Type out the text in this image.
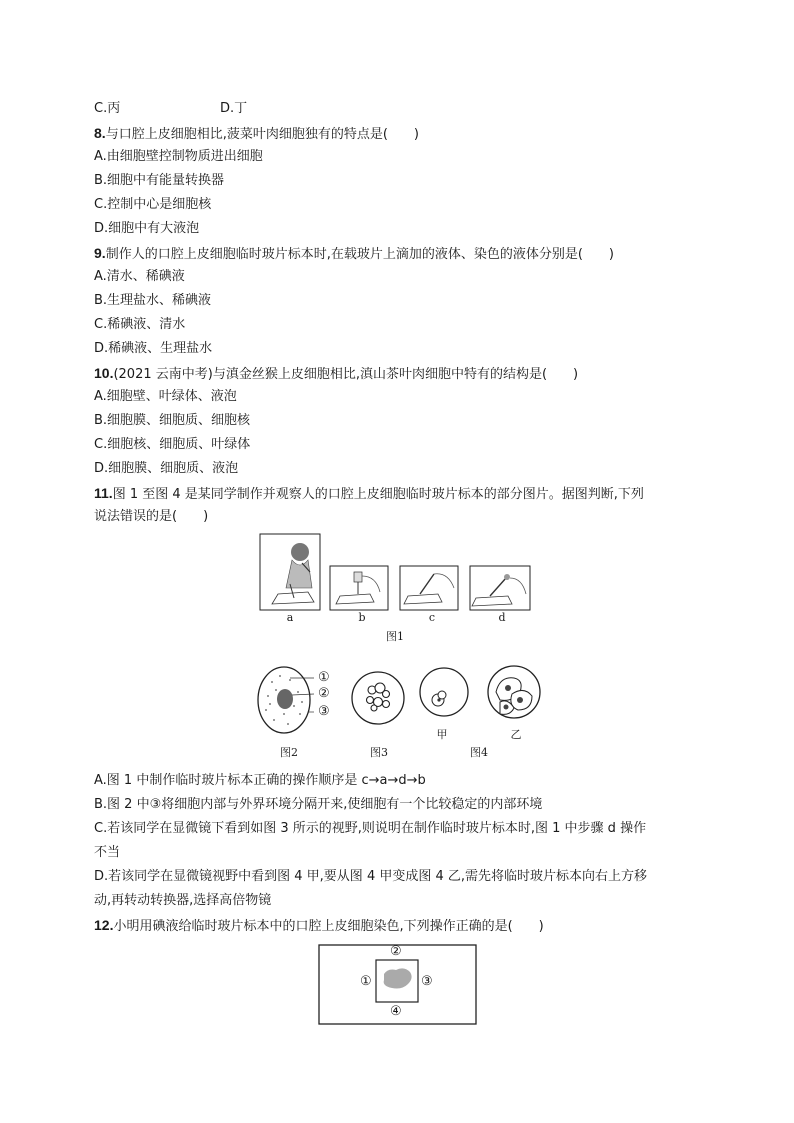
C.丙	D.丁
8.与口腔上皮细胞相比,菠菜叶肉细胞独有的特点是(　　)
A.由细胞壁控制物质进出细胞
B.细胞中有能量转换器
C.控制中心是细胞核
D.细胞中有大液泡
9.制作人的口腔上皮细胞临时玻片标本时,在载玻片上滴加的液体、染色的液体分别是(　　)
A.清水、稀碘液
B.生理盐水、稀碘液
C.稀碘液、清水
D.稀碘液、生理盐水
10.(2021 云南中考)与滇金丝猴上皮细胞相比,滇山茶叶肉细胞中特有的结构是(　　)
A.细胞壁、叶绿体、液泡
B.细胞膜、细胞质、细胞核
C.细胞核、细胞质、叶绿体
D.细胞膜、细胞质、液泡
11.图 1 至图 4 是某同学制作并观察人的口腔上皮细胞临时玻片标本的部分图片。据图判断,下列
说法错误的是(　　)
a	b	c	d
图1
①
②
③
图2	图3
甲	乙
图4
A.图 1 中制作临时玻片标本正确的操作顺序是 c→a→d→b
B.图 2 中③将细胞内部与外界环境分隔开来,使细胞有一个比较稳定的内部环境
C.若该同学在显微镜下看到如图 3 所示的视野,则说明在制作临时玻片标本时,图 1 中步骤 d 操作
不当
D.若该同学在显微镜视野中看到图 4 甲,要从图 4 甲变成图 4 乙,需先将临时玻片标本向右上方移
动,再转动转换器,选择高倍物镜
12.小明用碘液给临时玻片标本中的口腔上皮细胞染色,下列操作正确的是(　　)
②
①	③
④
